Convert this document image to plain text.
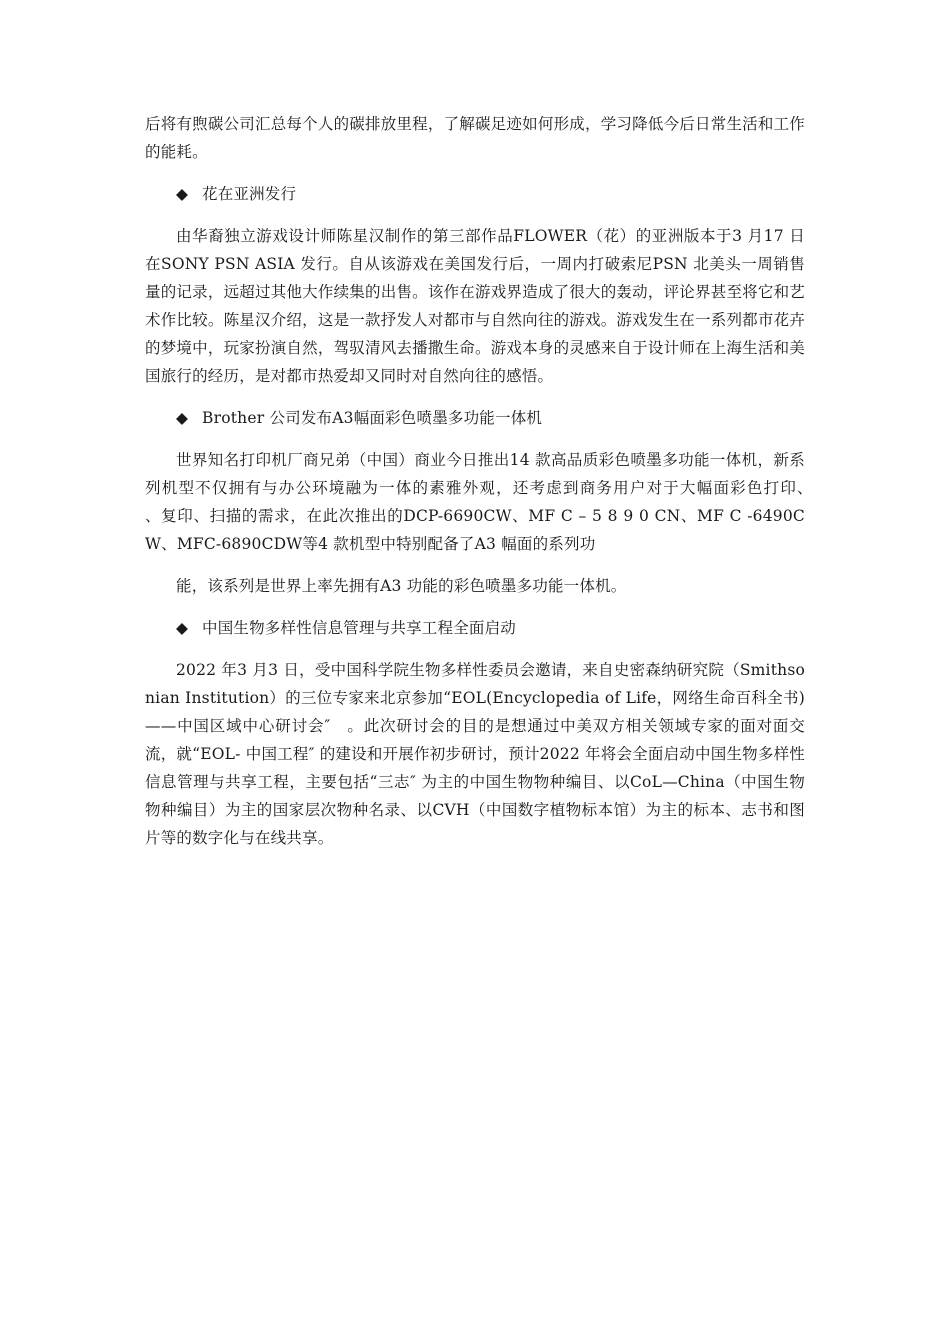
后将有煦碳公司汇总每个人的碳排放里程，了解碳足迹如何形成，学习降低今后日常生活和工作的能耗。

◆ 花在亚洲发行

由华裔独立游戏设计师陈星汉制作的第三部作品FLOWER（花）的亚洲版本于3 月17 日在SONY PSN ASIA 发行。自从该游戏在美国发行后，一周内打破索尼PSN 北美头一周销售量的记录，远超过其他大作续集的出售。该作在游戏界造成了很大的轰动，评论界甚至将它和艺术作比较。陈星汉介绍，这是一款抒发人对都市与自然向往的游戏。游戏发生在一系列都市花卉的梦境中，玩家扮演自然，驾驭清风去播撒生命。游戏本身的灵感来自于设计师在上海生活和美国旅行的经历，是对都市热爱却又同时对自然向往的感悟。

◆ Brother 公司发布A3幅面彩色喷墨多功能一体机

世界知名打印机厂商兄弟（中国）商业今日推出14 款高品质彩色喷墨多功能一体机，新系列机型不仅拥有与办公环境融为一体的素雅外观，还考虑到商务用户对于大幅面彩色打印、　　、复印、扫描的需求，在此次推出的DCP-6690CW、MF C – 5 8 9 0 CN、MF C -6490CW、MFC-6890CDW等4 款机型中特别配备了A3 幅面的系列功

能，该系列是世界上率先拥有A3 功能的彩色喷墨多功能一体机。

◆ 中国生物多样性信息管理与共享工程全面启动

2022 年3 月3 日，受中国科学院生物多样性委员会邀请，来自史密森纳研究院（Smithsonian Institution）的三位专家来北京参加“EOL(Encyclopedia of Life，网络生命百科全书)——中国区域中心研讨会″　。此次研讨会的目的是想通过中美双方相关领域专家的面对面交流，就“EOL- 中国工程″ 的建设和开展作初步研讨，预计2022 年将会全面启动中国生物多样性信息管理与共享工程，主要包括“三志″ 为主的中国生物物种编目、以CoL—China（中国生物物种编目）为主的国家层次物种名录、以CVH（中国数字植物标本馆）为主的标本、志书和图片等的数字化与在线共享。
